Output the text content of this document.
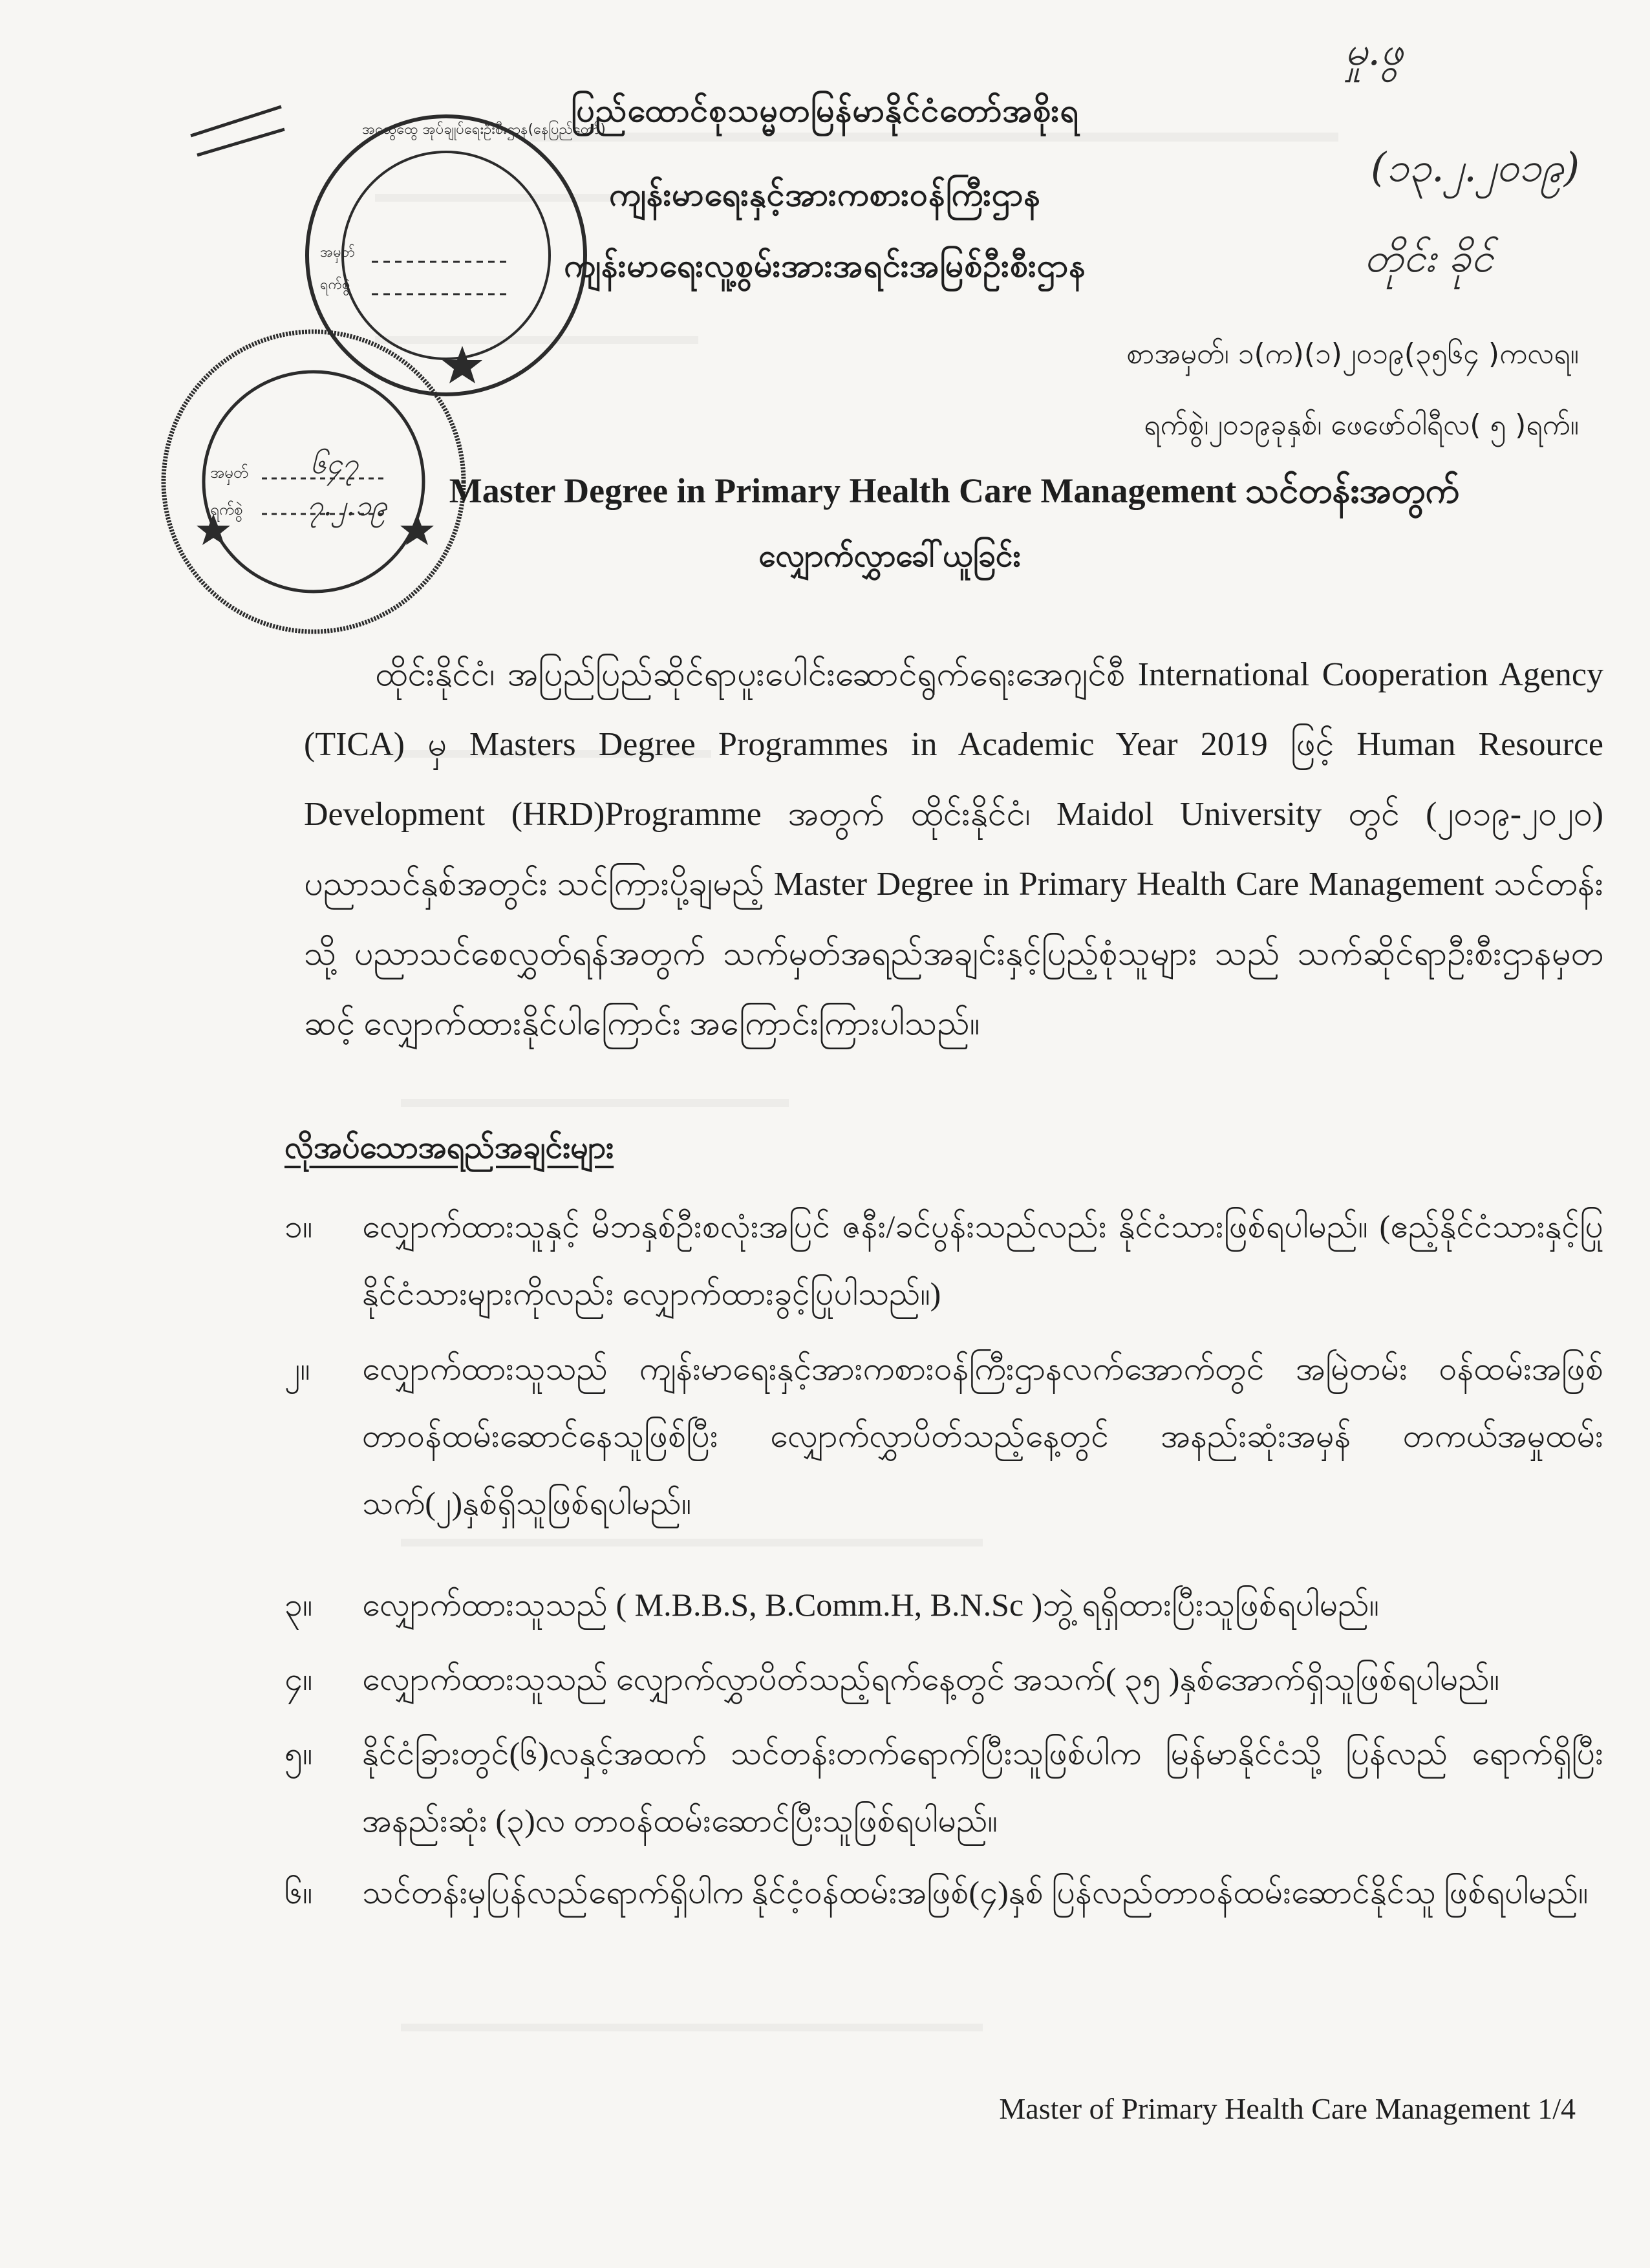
မှု.ဖွ
(၁၃.၂.၂၀၁၉)
တိုင်း ခိုင်
အထွေထွေ အုပ်ချုပ်ရေးဦးစီးဌာန(နေပြည်တော်)
အမှတ်
ရက်စွဲ
အမှတ်
ရက်စွဲ
၆၄၇
၇.၂.၁၉
ပြည်ထောင်စုသမ္မတမြန်မာနိုင်ငံတော်အစိုးရ
ကျန်းမာရေးနှင့်အားကစားဝန်ကြီးဌာန
ကျန်းမာရေးလူ့စွမ်းအားအရင်းအမြစ်ဦးစီးဌာန
စာအမှတ်၊ ၁(က)(၁)၂၀၁၉(၃၅၆၄ )ကလရ။
ရက်စွဲ၊၂၀၁၉ခုနှစ်၊ ဖေဖော်ဝါရီလ( ၅ )ရက်။
Master Degree in Primary Health Care Management သင်တန်းအတွက်
လျှောက်လွှာခေါ်ယူခြင်း
ထိုင်းနိုင်ငံ၊ အပြည်ပြည်ဆိုင်ရာပူးပေါင်းဆောင်ရွက်ရေးအေဂျင်စီ International Cooperation Agency (TICA) မှ Masters Degree Programmes in Academic Year 2019 ဖြင့် Human Resource Development (HRD)Programme အတွက် ထိုင်းနိုင်ငံ၊ Maidol University တွင် (၂၀၁၉-၂၀၂၀) ပညာသင်နှစ်အတွင်း သင်ကြားပို့ချမည့် Master Degree in Primary Health Care Management သင်တန်းသို့ ပညာသင်စေလွှတ်ရန်အတွက် သက်မှတ်အရည်အချင်းနှင့်ပြည့်စုံသူများ သည် သက်ဆိုင်ရာဦးစီးဌာနမှတဆင့် လျှောက်ထားနိုင်ပါကြောင်း အကြောင်းကြားပါသည်။
လိုအပ်သောအရည်အချင်းများ
၁။	လျှောက်ထားသူနှင့် မိဘနှစ်ဦးစလုံးအပြင် ဇနီး/ခင်ပွန်းသည်လည်း နိုင်ငံသားဖြစ်ရပါမည်။ (ဧည့်နိုင်ငံသားနှင့်ပြုနိုင်ငံသားများကိုလည်း လျှောက်ထားခွင့်ပြုပါသည်။)
၂။	လျှောက်ထားသူသည် ကျန်းမာရေးနှင့်အားကစားဝန်ကြီးဌာနလက်အောက်တွင် အမြဲတမ်း ဝန်ထမ်းအဖြစ် တာဝန်ထမ်းဆောင်နေသူဖြစ်ပြီး လျှောက်လွှာပိတ်သည့်နေ့တွင် အနည်းဆုံးအမှန် တကယ်အမှုထမ်းသက်(၂)နှစ်ရှိသူဖြစ်ရပါမည်။
၃။	လျှောက်ထားသူသည် ( M.B.B.S, B.Comm.H, B.N.Sc )ဘွဲ့ ရရှိထားပြီးသူဖြစ်ရပါမည်။
၄။	လျှောက်ထားသူသည် လျှောက်လွှာပိတ်သည့်ရက်နေ့တွင် အသက်( ၃၅ )နှစ်အောက်ရှိသူဖြစ်ရပါမည်။
၅။	နိုင်ငံခြားတွင်(၆)လနှင့်အထက် သင်တန်းတက်ရောက်ပြီးသူဖြစ်ပါက မြန်မာနိုင်ငံသို့ ပြန်လည် ရောက်ရှိပြီးအနည်းဆုံး (၃)လ တာဝန်ထမ်းဆောင်ပြီးသူဖြစ်ရပါမည်။
၆။	သင်တန်းမှပြန်လည်ရောက်ရှိပါက နိုင်ငံ့ဝန်ထမ်းအဖြစ်(၄)နှစ် ပြန်လည်တာဝန်ထမ်းဆောင်နိုင်သူ ဖြစ်ရပါမည်။
Master of Primary Health Care Management 1/4
